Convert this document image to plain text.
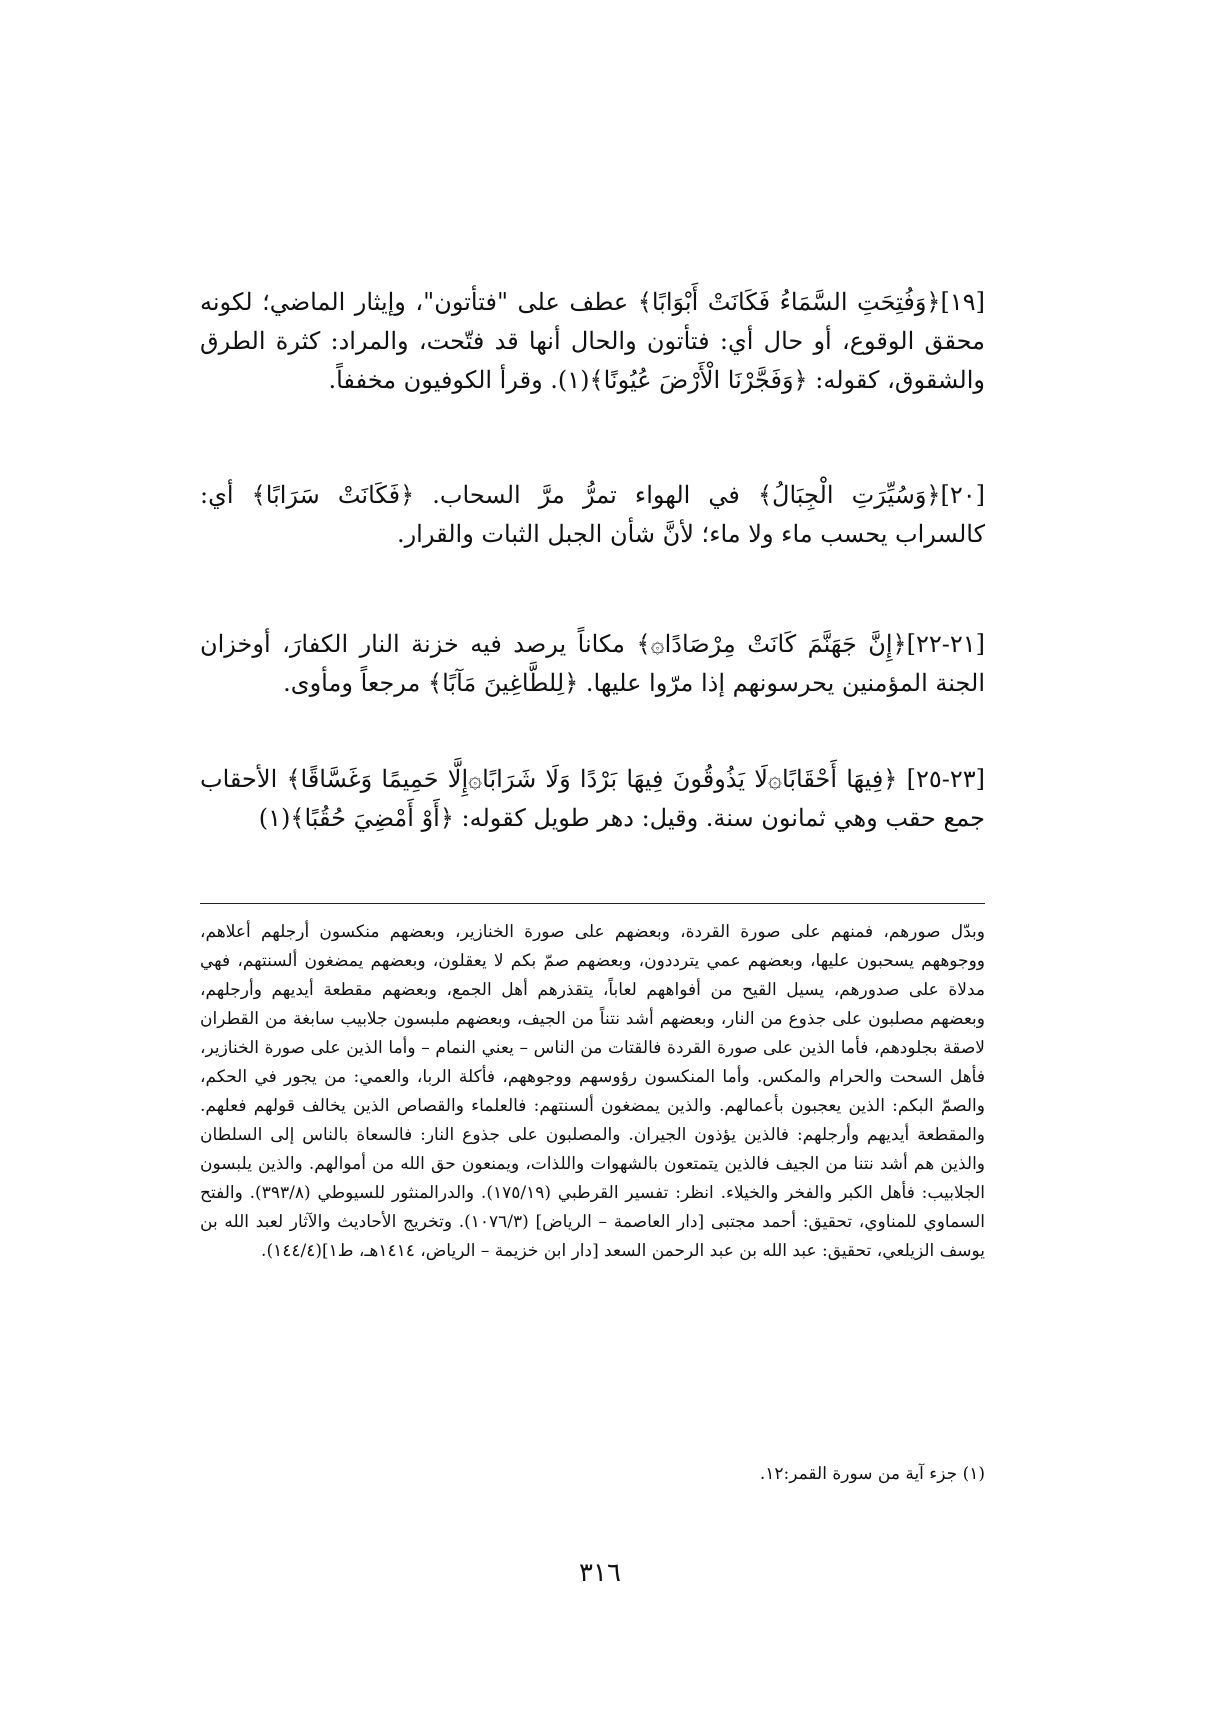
[١٩]﴿وَفُتِحَتِ السَّمَاءُ فَكَانَتْ أَبْوَابًا﴾ عطف على "فتأتون"، وإيثار الماضي؛ لكونه محقق الوقوع، أو حال أي: فتأتون والحال أنها قد فتّحت، والمراد: كثرة الطرق والشقوق، كقوله: ﴿وَفَجَّرْنَا الْأَرْضَ عُيُونًا﴾(١). وقرأ الكوفيون مخففاً.

[٢٠]﴿وَسُيِّرَتِ الْجِبَالُ﴾ في الهواء تمرُّ مرَّ السحاب. ﴿فَكَانَتْ سَرَابًا﴾ أي: كالسراب يحسب ماء ولا ماء؛ لأنَّ شأن الجبل الثبات والقرار.

[٢١-٢٢]﴿إِنَّ جَهَنَّمَ كَانَتْ مِرْصَادًا۞﴾ مكاناً يرصد فيه خزنة النار الكفارَ، أوخزان الجنة المؤمنين يحرسونهم إذا مرّوا عليها. ﴿لِلطَّاغِينَ مَآبًا﴾ مرجعاً ومأوى.

[٢٣-٢٥] ﴿فِيهَا أَحْقَابًا۞لَا يَذُوقُونَ فِيهَا بَرْدًا وَلَا شَرَابًا۞إِلَّا حَمِيمًا وَغَسَّاقًا﴾ الأحقاب جمع حقب وهي ثمانون سنة. وقيل: دهر طويل كقوله: ﴿أَوْ أَمْضِيَ حُقُبًا﴾(١)

وبدّل صورهم، فمنهم على صورة القردة، وبعضهم على صورة الخنازير، وبعضهم منكسون أرجلهم أعلاهم، ووجوههم يسحبون عليها، وبعضهم عمي يترددون، وبعضهم صمّ بكم لا يعقلون، وبعضهم يمضغون ألسنتهم، فهي مدلاة على صدورهم، يسيل القيح من أفواههم لعاباً، يتقذرهم أهل الجمع، وبعضهم مقطعة أيديهم وأرجلهم، وبعضهم مصلبون على جذوع من النار، وبعضهم أشد نتناً من الجيف، وبعضهم ملبسون جلابيب سابغة من القطران لاصقة بجلودهم، فأما الذين على صورة القردة فالقتات من الناس – يعني النمام – وأما الذين على صورة الخنازير، فأهل السحت والحرام والمكس. وأما المنكسون رؤوسهم ووجوههم، فأكلة الربا، والعمي: من يجور في الحكم، والصمّ البكم: الذين يعجبون بأعمالهم. والذين يمضغون ألسنتهم: فالعلماء والقصاص الذين يخالف قولهم فعلهم. والمقطعة أيديهم وأرجلهم: فالذين يؤذون الجيران. والمصلبون على جذوع النار: فالسعاة بالناس إلى السلطان والذين هم أشد نتنا من الجيف فالذين يتمتعون بالشهوات واللذات، ويمنعون حق الله من أموالهم. والذين يلبسون الجلابيب: فأهل الكبر والفخر والخيلاء. انظر: تفسير القرطبي (١٧٥/١٩). والدرالمنثور للسيوطي (٣٩٣/٨). والفتح السماوي للمناوي، تحقيق: أحمد مجتبى [دار العاصمة – الرياض] (١٠٧٦/٣). وتخريج الأحاديث والآثار لعبد الله بن يوسف الزيلعي، تحقيق: عبد الله بن عبد الرحمن السعد [دار ابن خزيمة – الرياض، ١٤١٤هـ، ط١](١٤٤/٤).

(١) جزء آية من سورة القمر:١٢.

٣١٦
